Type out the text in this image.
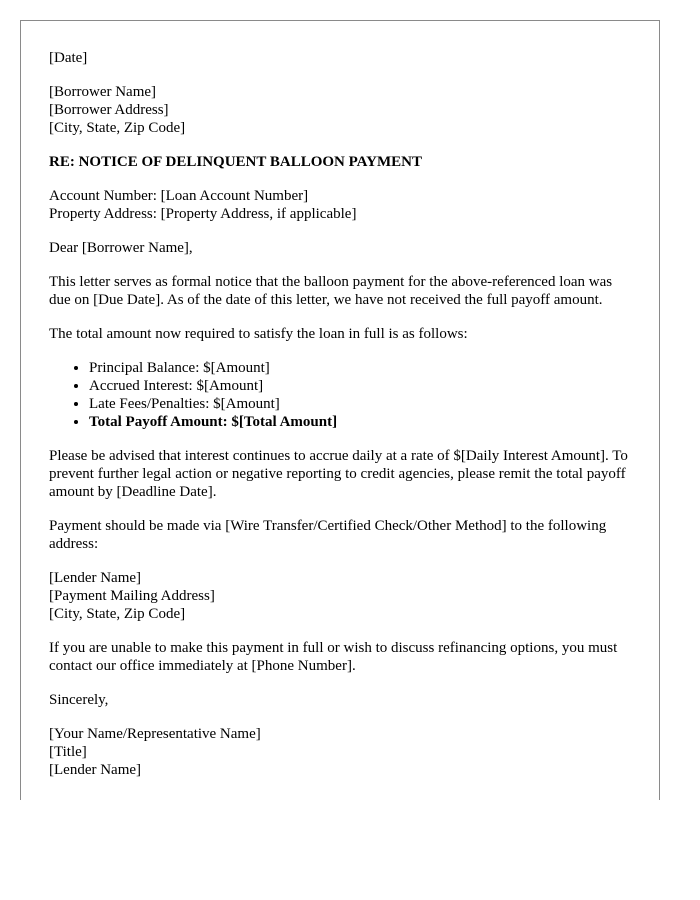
[Date]
[Borrower Name]
[Borrower Address]
[City, State, Zip Code]
RE: NOTICE OF DELINQUENT BALLOON PAYMENT
Account Number: [Loan Account Number]
Property Address: [Property Address, if applicable]

Dear [Borrower Name],

This letter serves as formal notice that the balloon payment for the above-referenced loan was due on [Due Date]. As of the date of this letter, we have not received the full payoff amount.

The total amount now required to satisfy the loan in full is as follows:

• Principal Balance: $[Amount]
• Accrued Interest: $[Amount]
• Late Fees/Penalties: $[Amount]
• Total Payoff Amount: $[Total Amount]

Please be advised that interest continues to accrue daily at a rate of $[Daily Interest Amount]. To prevent further legal action or negative reporting to credit agencies, please remit the total payoff amount by [Deadline Date].

Payment should be made via [Wire Transfer/Certified Check/Other Method] to the following address:

[Lender Name]
[Payment Mailing Address]
[City, State, Zip Code]

If you are unable to make this payment in full or wish to discuss refinancing options, you must contact our office immediately at [Phone Number].

Sincerely,

[Your Name/Representative Name]
[Title]
[Lender Name]
